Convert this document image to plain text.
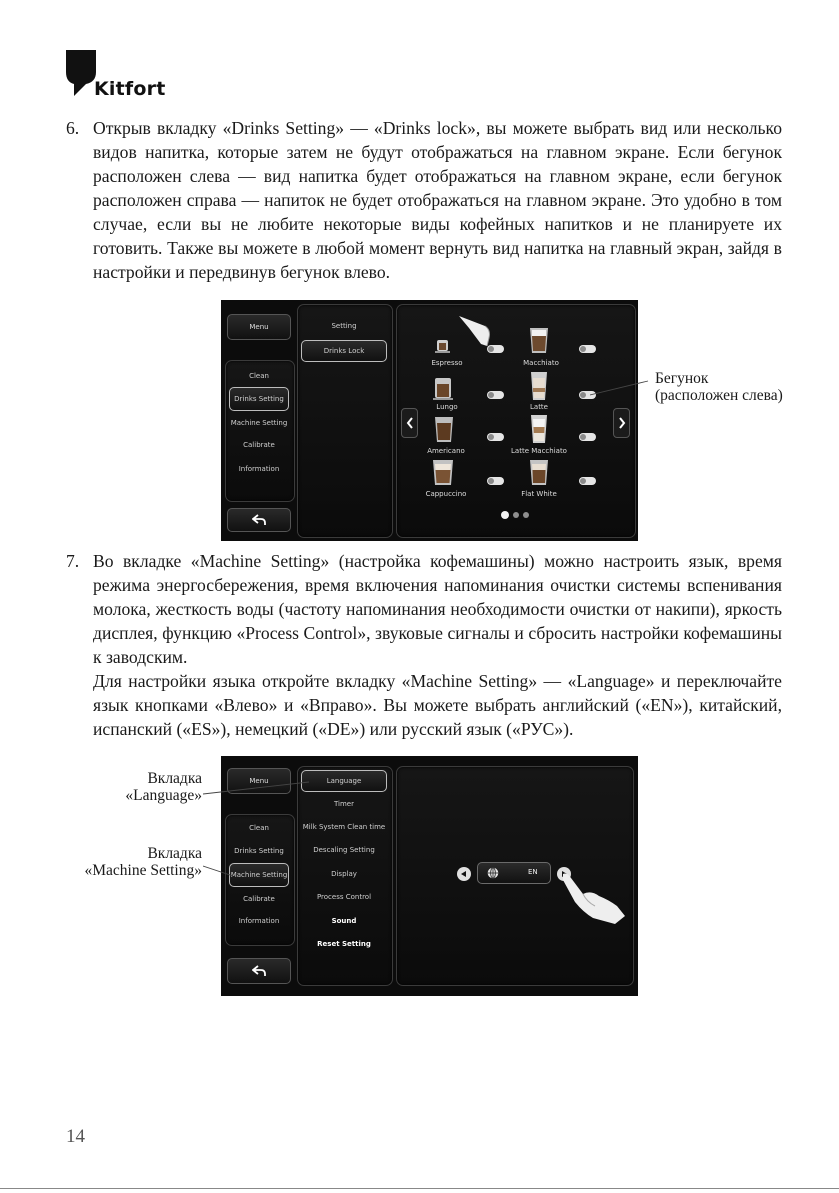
Kitfort
6. Открыв вкладку «Drinks Setting» — «Drinks lock», вы можете выбрать вид или несколько видов напитка, которые затем не будут отображаться на главном экране. Если бегунок расположен слева — вид напитка будет отображаться на главном экране, если бегунок расположен справа — напиток не будет отображаться на главном экране. Это удобно в том случае, если вы не любите некоторые виды кофейных напитков и не планируете их готовить. Также вы можете в любой момент вернуть вид напитка на главный экран, зайдя в настройки и передвинув бегунок влево.

Menu
Clean
Drinks Setting
Machine Setting
Calibrate
Information
Setting
Drinks Lock
Espresso	Macchiato
Lungo	Latte
Americano	Latte Macchiato
Cappuccino	Flat White
Бегунок
(расположен слева)
7. Во вкладке «Machine Setting» (настройка кофемашины) можно настроить язык, время режима энергосбережения, время включения напоминания очистки системы вспенивания молока, жесткость воды (частоту напоминания необходимости очистки от накипи), яркость дисплея, функцию «Process Control», звуковые сигналы и сбросить настройки кофемашины к заводским.

Для настройки языка откройте вкладку «Machine Setting» — «Language» и переключайте язык кнопками «Влево» и «Вправо». Вы можете выбрать английский («EN»), китайский, испанский («ES»), немецкий («DE») или русский язык («РУС»).

Menu
Clean
Drinks Setting
Machine Setting
Calibrate
Information
Language
Timer
Milk System Clean time
Descaling Setting
Display
Process Control
Sound
Reset Setting
EN
Вкладка
«Language»
Вкладка
«Machine Setting»
14
